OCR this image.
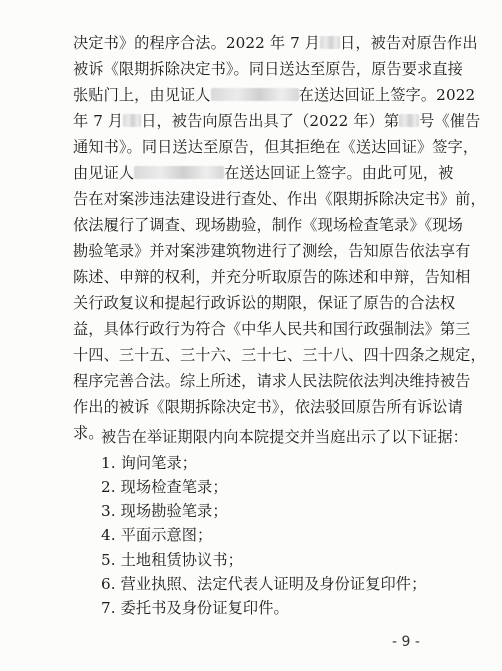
决定书》的程序合法。2022 年 7 月 日，被告对原告作出
被诉《限期拆除决定书》。同日送达至原告，原告要求直接
张贴门上，由见证人	在送达回证上签字。2022
年 7 月 日，被告向原告出具了（2022 年）第 号《催告
通知书》。同日送达至原告，但其拒绝在《送达回证》签字，
由见证人	在送达回证上签字。由此可见，被
告在对案涉违法建设进行查处、作出《限期拆除决定书》前，
依法履行了调查、现场勘验，制作《现场检查笔录》《现场
勘验笔录》并对案涉建筑物进行了测绘，告知原告依法享有
陈述、申辩的权利，并充分听取原告的陈述和申辩，告知相
关行政复议和提起行政诉讼的期限，保证了原告的合法权
益，具体行政行为符合《中华人民共和国行政强制法》第三
十四、三十五、三十六、三十七、三十八、四十四条之规定，
程序完善合法。综上所述，请求人民法院依法判决维持被告
作出的被诉《限期拆除决定书》，依法驳回原告所有诉讼请
求。
被告在举证期限内向本院提交并当庭出示了以下证据：
- 9 -
1. 询问笔录；
2. 现场检查笔录；
3. 现场勘验笔录；
4. 平面示意图；
5. 土地租赁协议书；
6. 营业执照、法定代表人证明及身份证复印件；
7. 委托书及身份证复印件。
